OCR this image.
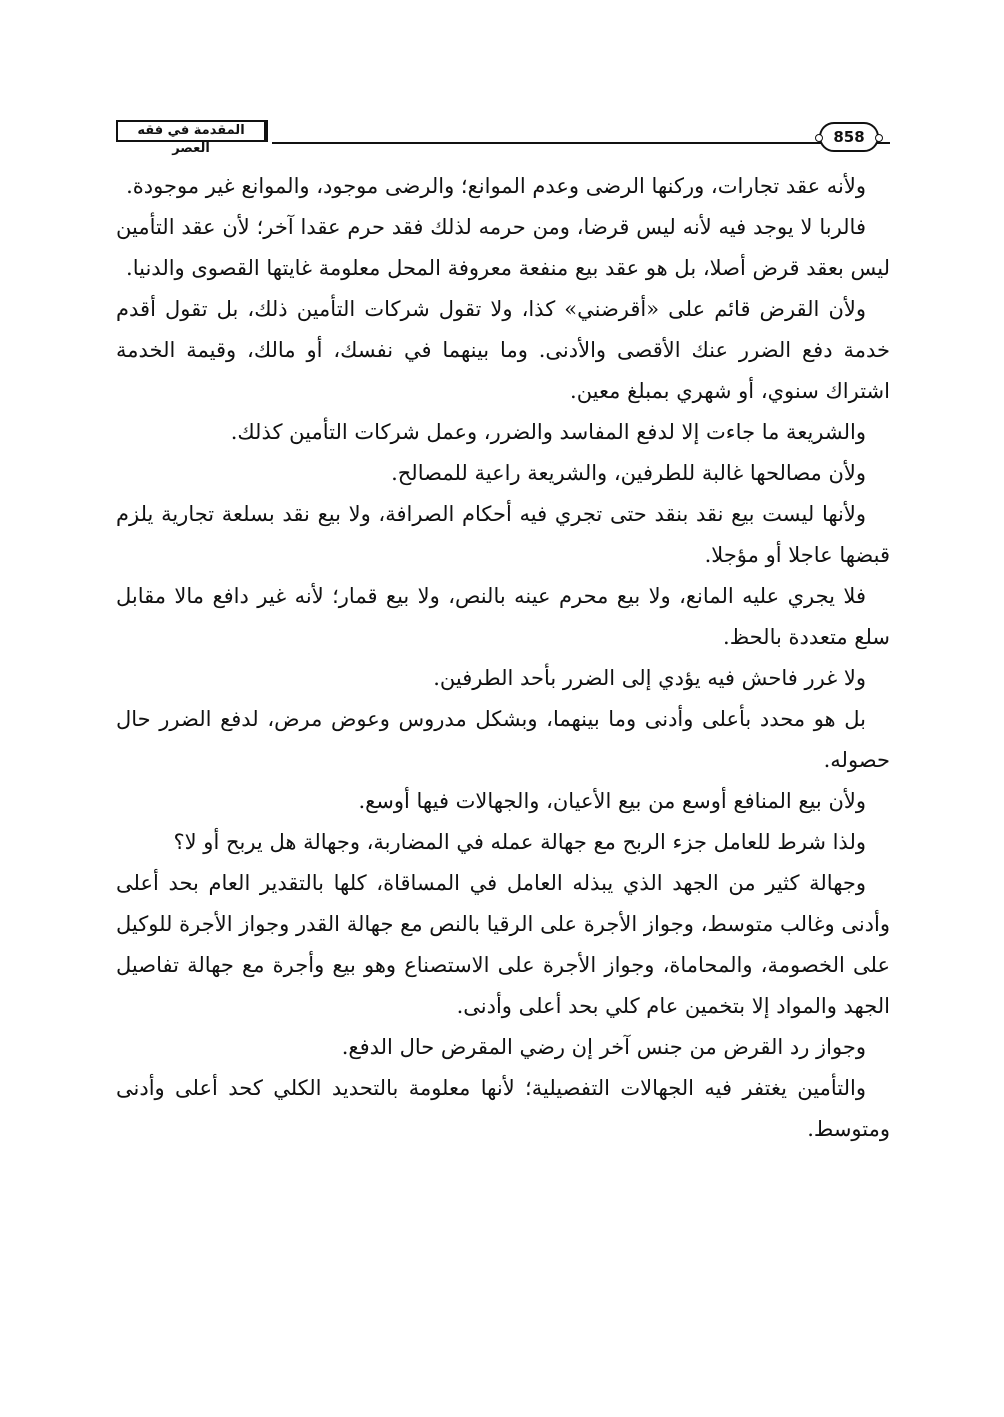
المقدمة في فقه العصر
858

ولأنه عقد تجارات، وركنها الرضى وعدم الموانع؛ والرضى موجود، والموانع غير موجودة.

فالربا لا يوجد فيه لأنه ليس قرضا، ومن حرمه لذلك فقد حرم عقدا آخر؛ لأن عقد التأمين ليس بعقد قرض أصلا، بل هو عقد بيع منفعة معروفة المحل معلومة غايتها القصوى والدنيا.

ولأن القرض قائم على «أقرضني» كذا، ولا تقول شركات التأمين ذلك، بل تقول أقدم خدمة دفع الضرر عنك الأقصى والأدنى. وما بينهما في نفسك، أو مالك، وقيمة الخدمة اشتراك سنوي، أو شهري بمبلغ معين.

والشريعة ما جاءت إلا لدفع المفاسد والضرر، وعمل شركات التأمين كذلك.

ولأن مصالحها غالبة للطرفين، والشريعة راعية للمصالح.

ولأنها ليست بيع نقد بنقد حتى تجري فيه أحكام الصرافة، ولا بيع نقد بسلعة تجارية يلزم قبضها عاجلا أو مؤجلا.

فلا يجري عليه المانع، ولا بيع محرم عينه بالنص، ولا بيع قمار؛ لأنه غير دافع مالا مقابل سلع متعددة بالحظ.

ولا غرر فاحش فيه يؤدي إلى الضرر بأحد الطرفين.

بل هو محدد بأعلى وأدنى وما بينهما، وبشكل مدروس وعوض مرض، لدفع الضرر حال حصوله.

ولأن بيع المنافع أوسع من بيع الأعيان، والجهالات فيها أوسع.

ولذا شرط للعامل جزء الربح مع جهالة عمله في المضاربة، وجهالة هل يربح أو لا؟

وجهالة كثير من الجهد الذي يبذله العامل في المساقاة، كلها بالتقدير العام بحد أعلى وأدنى وغالب متوسط، وجواز الأجرة على الرقيا بالنص مع جهالة القدر وجواز الأجرة للوكيل على الخصومة، والمحاماة، وجواز الأجرة على الاستصناع وهو بيع وأجرة مع جهالة تفاصيل الجهد والمواد إلا بتخمين عام كلي بحد أعلى وأدنى.

وجواز رد القرض من جنس آخر إن رضي المقرض حال الدفع.

والتأمين يغتفر فيه الجهالات التفصيلية؛ لأنها معلومة بالتحديد الكلي كحد أعلى وأدنى ومتوسط.
